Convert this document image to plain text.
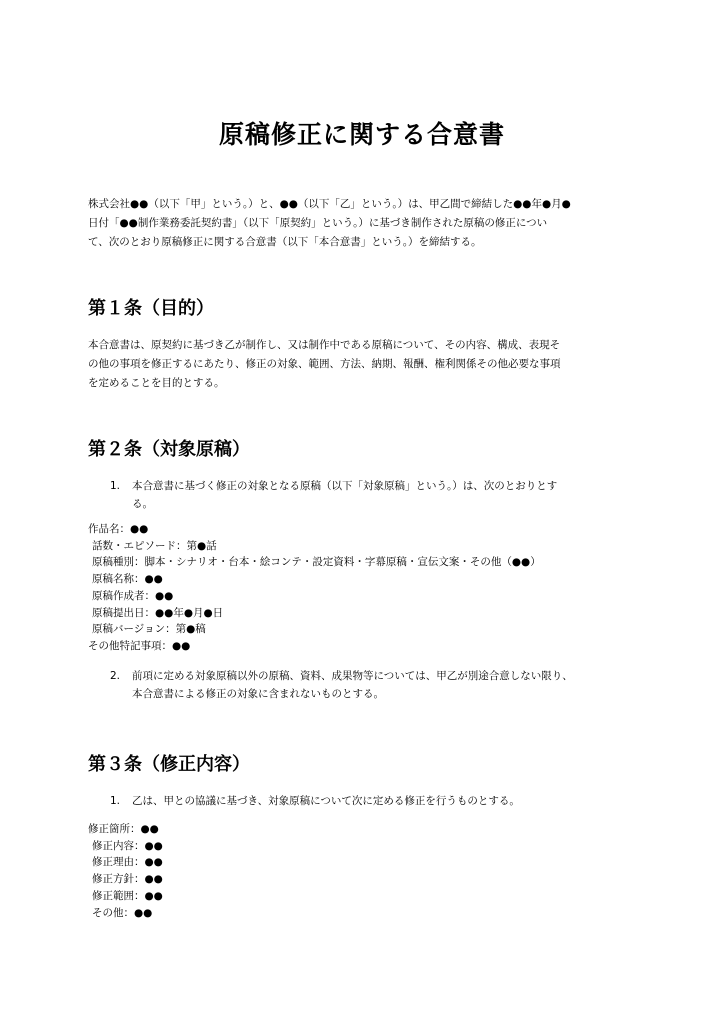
原稿修正に関する合意書
株式会社●●（以下「甲」という。）と、●●（以下「乙」という。）は、甲乙間で締結した●●年●月●
日付「●●制作業務委託契約書」（以下「原契約」という。）に基づき制作された原稿の修正につい
て、次のとおり原稿修正に関する合意書（以下「本合意書」という。）を締結する。
第１条（目的）
本合意書は、原契約に基づき乙が制作し、又は制作中である原稿について、その内容、構成、表現そ
の他の事項を修正するにあたり、修正の対象、範囲、方法、納期、報酬、権利関係その他必要な事項
を定めることを目的とする。
第２条（対象原稿）
1.	本合意書に基づく修正の対象となる原稿（以下「対象原稿」という。）は、次のとおりとす
る。
作品名：●●
話数・エピソード：第●話
原稿種別：脚本・シナリオ・台本・絵コンテ・設定資料・字幕原稿・宣伝文案・その他（●●）
原稿名称：●●
原稿作成者：●●
原稿提出日：●●年●月●日
原稿バージョン：第●稿
その他特記事項：●●
2.	前項に定める対象原稿以外の原稿、資料、成果物等については、甲乙が別途合意しない限り、
本合意書による修正の対象に含まれないものとする。
第３条（修正内容）
1.	乙は、甲との協議に基づき、対象原稿について次に定める修正を行うものとする。
修正箇所：●●
修正内容：●●
修正理由：●●
修正方針：●●
修正範囲：●●
その他：●●
